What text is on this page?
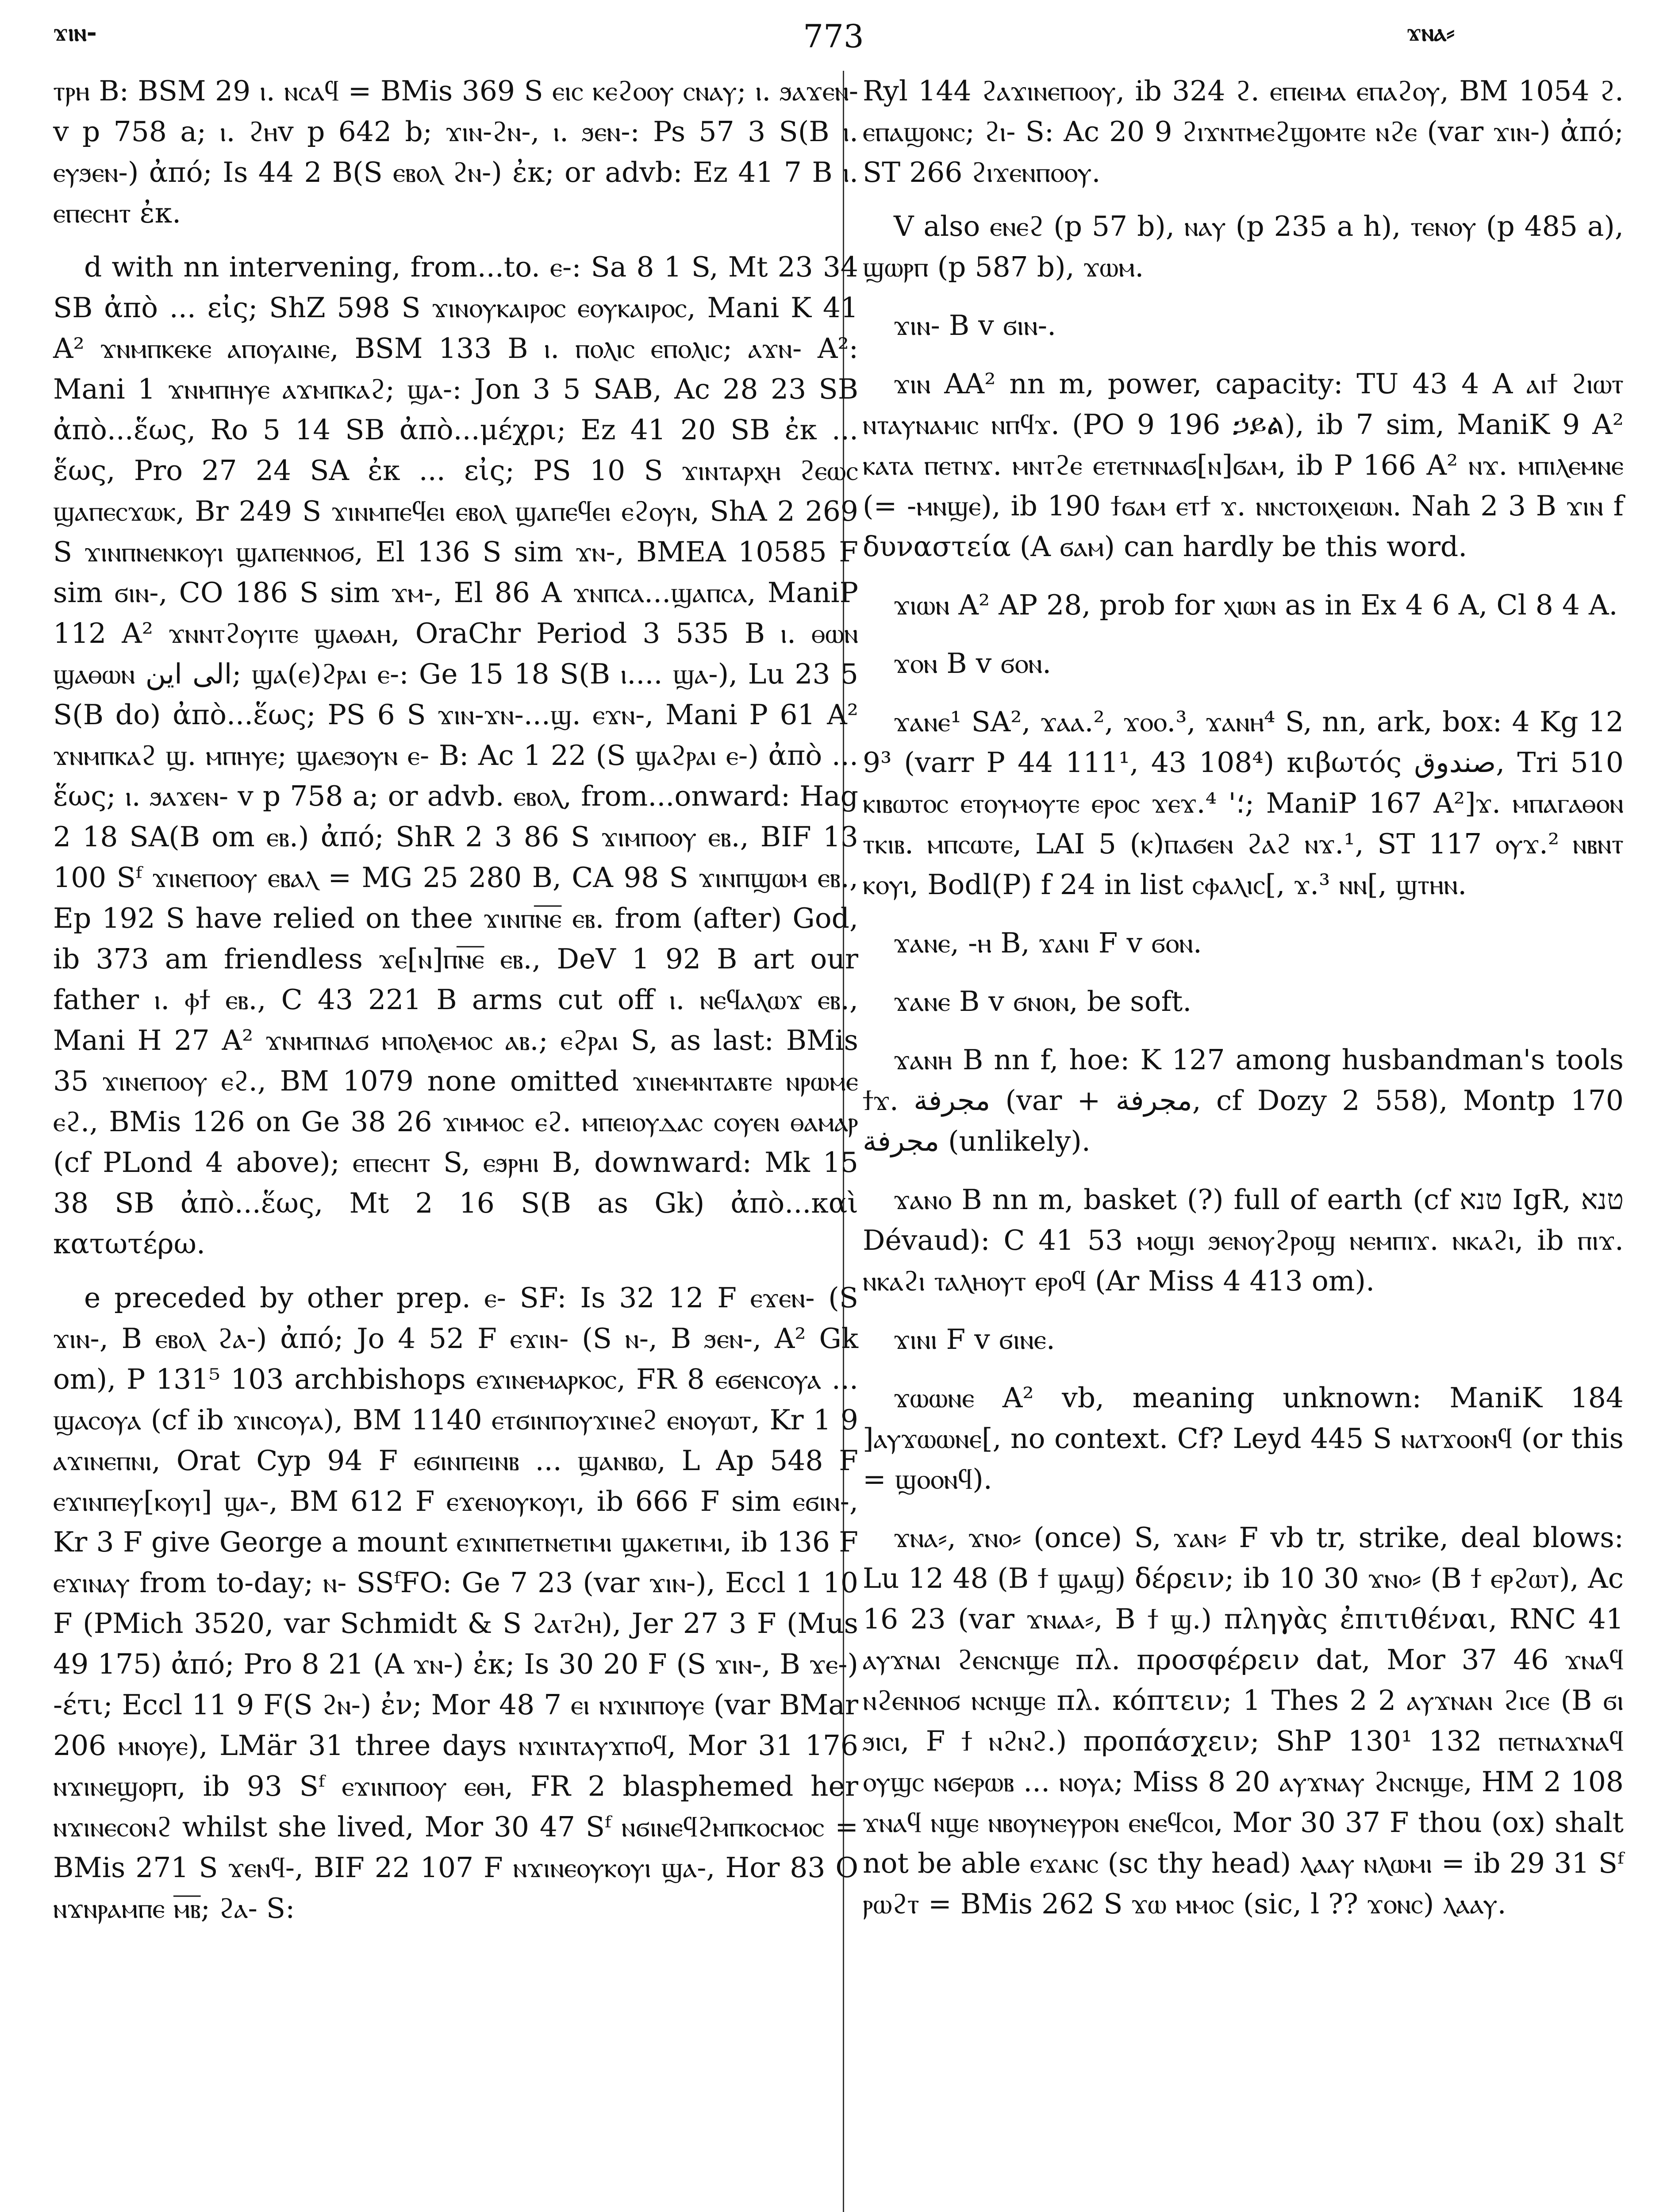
ϫⲓⲛ-	773	ϫⲛⲁ⸗

ⲧⲣⲏ B: BSM 29 ⲓ. ⲛⲥⲁϥ = BMis 369 S ⲉⲓⲥ ⲕⲉϩⲟⲟⲩ ⲥⲛⲁⲩ; ⲓ. ϧⲁϫⲉⲛ-v p 758 a; ⲓ. ϩⲏv p 642 b; ϫⲓⲛ-ϩⲛ-, ⲓ. ϧⲉⲛ-: Ps 57 3 S(B ⲓ. ⲉⲩϧⲉⲛ-) ἀπό; Is 44 2 B(S ⲉⲃⲟⲗ ϩⲛ-) ἐκ; or advb: Ez 41 7 B ⲓ. ⲉⲡⲉⲥⲏⲧ ἐκ.

d with nn intervening, from...to. ⲉ-: Sa 8 1 S, Mt 23 34 SB ἀπὸ ... εἰς; ShZ 598 S ϫⲓⲛⲟⲩⲕⲁⲓⲣⲟⲥ ⲉⲟⲩⲕⲁⲓⲣⲟⲥ, Mani K 41 A² ϫⲛⲙⲡⲕⲉⲕⲉ ⲁⲡⲟⲩⲁⲓⲛⲉ, BSM 133 B ⲓ. ⲡⲟⲗⲓⲥ ⲉⲡⲟⲗⲓⲥ; ⲁϫⲛ- A²: Mani 1 ϫⲛⲙⲡⲏⲩⲉ ⲁϫⲙⲡⲕⲁϩ; ϣⲁ-: Jon 3 5 SAB, Ac 28 23 SB ἀπὸ...ἕως, Ro 5 14 SB ἀπὸ...μέχρι; Ez 41 20 SB ἐκ ... ἕως, Pro 27 24 SA ἐκ ... εἰς; PS 10 S ϫⲓⲛⲧⲁⲣⲭⲏ ϩⲉⲱⲥ ϣⲁⲡⲉⲥϫⲱⲕ, Br 249 S ϫⲓⲛⲙⲡⲉϥⲉⲓ ⲉⲃⲟⲗ ϣⲁⲡⲉϥⲉⲓ ⲉϩⲟⲩⲛ, ShA 2 269 S ϫⲓⲛⲡⲛⲉⲛⲕⲟⲩⲓ ϣⲁⲡⲉⲛⲛⲟϭ, El 136 S sim ϫⲛ-, BMEA 10585 F sim ϭⲓⲛ-, CO 186 S sim ϫⲙ-, El 86 A ϫⲛⲡⲥⲁ...ϣⲁⲡⲥⲁ, ManiP 112 A² ϫⲛⲛⲧϩⲟⲩⲓⲧⲉ ϣⲁⲑⲁⲏ, OraChr Period 3 535 B ⲓ. ⲑⲱⲛ ϣⲁⲑⲱⲛ الى اين; ϣⲁ(ⲉ)ϩⲣⲁⲓ ⲉ-: Ge 15 18 S(B ⲓ.... ϣⲁ-), Lu 23 5 S(B do) ἀπὸ...ἕως; PS 6 S ϫⲓⲛ-ϫⲛ-...ϣ. ⲉϫⲛ-, Mani P 61 A² ϫⲛⲙⲡⲕⲁϩ ϣ. ⲙⲡⲏⲩⲉ; ϣⲁⲉϧⲟⲩⲛ ⲉ- B: Ac 1 22 (S ϣⲁϩⲣⲁⲓ ⲉ-) ἀπὸ ... ἕως; ⲓ. ϧⲁϫⲉⲛ- v p 758 a; or advb. ⲉⲃⲟⲗ, from...onward: Hag 2 18 SA(B om ⲉⲃ.) ἀπό; ShR 2 3 86 S ϫⲓⲙⲡⲟⲟⲩ ⲉⲃ., BIF 13 100 Sᶠ ϫⲓⲛⲉⲡⲟⲟⲩ ⲉⲃⲁⲗ = MG 25 280 B, CA 98 S ϫⲓⲛⲡϣⲱⲙ ⲉⲃ., Ep 192 S have relied on thee ϫⲓⲛⲡⲛ̅ⲉ̅ ⲉⲃ. from (after) God, ib 373 am friendless ϫⲉ[ⲛ]ⲡⲛ̅ⲉ̅ ⲉⲃ., DeV 1 92 B art our father ⲓ. ⲫϯ ⲉⲃ., C 43 221 B arms cut off ⲓ. ⲛⲉϥⲁⲗⲱϫ ⲉⲃ., Mani H 27 A² ϫⲛⲙⲡⲛⲁϭ ⲙⲡⲟⲗⲉⲙⲟⲥ ⲁⲃ.; ⲉϩⲣⲁⲓ S, as last: BMis 35 ϫⲓⲛⲉⲡⲟⲟⲩ ⲉϩ., BM 1079 none omitted ϫⲓⲛⲉⲙⲛⲧⲁⲃⲧⲉ ⲛⲣⲱⲙⲉ ⲉϩ., BMis 126 on Ge 38 26 ϫⲓⲙⲙⲟⲥ ⲉϩ. ⲙⲡⲉⲓⲟⲩⲇⲁⲥ ⲥⲟⲩⲉⲛ ⲑⲁⲙⲁⲣ (cf PLond 4 above); ⲉⲡⲉⲥⲏⲧ S, ⲉϧⲣⲏⲓ B, downward: Mk 15 38 SB ἀπὸ...ἕως, Mt 2 16 S(B as Gk) ἀπὸ...καὶ κατωτέρω.

e preceded by other prep. ⲉ- SF: Is 32 12 F ⲉϫⲉⲛ- (S ϫⲓⲛ-, B ⲉⲃⲟⲗ ϩⲁ-) ἀπό; Jo 4 52 F ⲉϫⲓⲛ- (S ⲛ-, B ϧⲉⲛ-, A² Gk om), P 131⁵ 103 archbishops ⲉϫⲓⲛⲉⲙⲁⲣⲕⲟⲥ, FR 8 ⲉϭⲉⲛⲥⲟⲩⲁ ... ϣⲁⲥⲟⲩⲁ (cf ib ϫⲓⲛⲥⲟⲩⲁ), BM 1140 ⲉⲧϭⲓⲛⲡⲟⲩϫⲓⲛⲉϩ ⲉⲛⲟⲩⲱⲧ, Kr 1 9 ⲁϫⲓⲛⲉⲡⲛⲓ, Orat Cyp 94 F ⲉϭⲓⲛⲡⲉⲓⲛⲃ ... ϣⲁⲛⲃⲱ, L Ap 548 F ⲉϫⲓⲛⲡⲉⲩ[ⲕⲟⲩⲓ] ϣⲁ-, BM 612 F ⲉϫⲉⲛⲟⲩⲕⲟⲩⲓ, ib 666 F sim ⲉϭⲓⲛ-, Kr 3 F give George a mount ⲉϫⲓⲛⲡⲉⲧⲛⲉⲧⲓⲙⲓ ϣⲁⲕⲉⲧⲓⲙⲓ, ib 136 F ⲉϫⲓⲛⲁⲩ from to-day; ⲛ- SSᶠFO: Ge 7 23 (var ϫⲓⲛ-), Eccl 1 10 F (PMich 3520, var Schmidt & S ϩⲁⲧϩⲏ), Jer 27 3 F (Mus 49 175) ἀπό; Pro 8 21 (A ϫⲛ-) ἐκ; Is 30 20 F (S ϫⲓⲛ-, B ϫⲉ-) -έτι; Eccl 11 9 F(S ϩⲛ-) ἐν; Mor 48 7 ⲉⲓ ⲛϫⲓⲛⲡⲟⲩⲉ (var BMar 206 ⲙⲛⲟⲩⲉ), LMär 31 three days ⲛϫⲓⲛⲧⲁⲩϫⲡⲟϥ, Mor 31 176 ⲛϫⲓⲛⲉϣⲟⲣⲡ, ib 93 Sᶠ ⲉϫⲓⲛⲡⲟⲟⲩ ⲉⲑⲏ, FR 2 blasphemed her ⲛϫⲓⲛⲉⲥⲟⲛϩ whilst she lived, Mor 30 47 Sᶠ ⲛϭⲓⲛⲉϥϩⲙⲡⲕⲟⲥⲙⲟⲥ = BMis 271 S ϫⲉⲛϥ-, BIF 22 107 F ⲛϫⲓⲛⲉⲟⲩⲕⲟⲩⲓ ϣⲁ-, Hor 83 O ⲛϫⲛⲣⲁⲙⲡⲉ ⲙ̅ⲃ̅; ϩⲁ- S:

Ryl 144 ϩⲁϫⲓⲛⲉⲡⲟⲟⲩ, ib 324 ϩ. ⲉⲡⲉⲓⲙⲁ ⲉⲡⲁϩⲟⲩ, BM 1054 ϩ. ⲉⲡⲁϣⲟⲛⲥ; ϩⲓ- S: Ac 20 9 ϩⲓϫⲛⲧⲙⲉϩϣⲟⲙⲧⲉ ⲛϩⲉ (var ϫⲓⲛ-) ἀπό; ST 266 ϩⲓϫⲉⲛⲡⲟⲟⲩ.

V also ⲉⲛⲉϩ (p 57 b), ⲛⲁⲩ (p 235 a h), ⲧⲉⲛⲟⲩ (p 485 a), ϣⲱⲣⲡ (p 587 b), ϫⲱⲙ.

ϫⲓⲛ- B v ϭⲓⲛ-.

ϫⲓⲛ AA² nn m, power, capacity: TU 43 4 A ⲁⲓϯ ϩⲓⲱⲧ ⲛⲧⲁⲩⲛⲁⲙⲓⲥ ⲛⲡϥϫ. (PO 9 196 ኃይል), ib 7 sim, ManiK 9 A² ⲕⲁⲧⲁ ⲡⲉⲧⲛϫ. ⲙⲛⲧϩⲉ ⲉⲧⲉⲧⲛⲛⲁϭ[ⲛ]ϭⲁⲙ, ib P 166 A² ⲛϫ. ⲙⲡⲓⲗⲉⲙⲛⲉ (= -ⲙⲛϣⲉ), ib 190 ϯϭⲁⲙ ⲉⲧϯ ϫ. ⲛⲛⲥⲧⲟⲓⲭⲉⲓⲱⲛ. Nah 2 3 B ϫⲓⲛ f δυναστεία (A ϭⲁⲙ) can hardly be this word.

ϫⲓⲱⲛ A² AP 28, prob for ⲭⲓⲱⲛ as in Ex 4 6 A, Cl 8 4 A.

ϫⲟⲛ B v ϭⲟⲛ.

ϫⲁⲛⲉ¹ SA², ϫⲁⲁ.², ϫⲟⲟ.³, ϫⲁⲛⲏ⁴ S, nn, ark, box: 4 Kg 12 9³ (varr P 44 111¹, 43 108⁴) κιβωτός صندوق, Tri 510 ⲕⲓⲃⲱⲧⲟⲥ ⲉⲧⲟⲩⲙⲟⲩⲧⲉ ⲉⲣⲟⲥ ϫⲉϫ.⁴ '؛; ManiP 167 A²]ϫ. ⲙⲡⲁⲅⲁⲑⲟⲛ ⲧⲕⲓⲃ. ⲙⲡⲥⲱⲧⲉ, LAI 5 (ⲕ)ⲡⲁϭⲉⲛ ϩⲁϩ ⲛϫ.¹, ST 117 ⲟⲩϫ.² ⲛⲃⲛⲧ ⲕⲟⲩⲓ, Bodl(P) f 24 in list ⲥⲫⲁⲗⲓⲥ[, ϫ.³ ⲛⲛ[, ϣⲧⲏⲛ.

ϫⲁⲛⲉ, -ⲏ B, ϫⲁⲛⲓ F v ϭⲟⲛ.

ϫⲁⲛⲉ B v ϭⲛⲟⲛ, be soft.

ϫⲁⲛⲏ B nn f, hoe: K 127 among husbandman's tools ϯϫ. مجرفة (var + مجرفة, cf Dozy 2 558), Montp 170 مجرفة (unlikely).

ϫⲁⲛⲟ B nn m, basket (?) full of earth (cf טנא IgR, טנא Dévaud): C 41 53 ⲙⲟϣⲓ ϧⲉⲛⲟⲩϩⲣⲟϣ ⲛⲉⲙⲡⲓϫ. ⲛⲕⲁϩⲓ, ib ⲡⲓϫ. ⲛⲕⲁϩⲓ ⲧⲁⲗⲏⲟⲩⲧ ⲉⲣⲟϥ (Ar Miss 4 413 om).

ϫⲓⲛⲓ F v ϭⲓⲛⲉ.

ϫⲱⲱⲛⲉ A² vb, meaning unknown: ManiK 184 ]ⲁⲩϫⲱⲱⲛⲉ[, no context. Cf? Leyd 445 S ⲛⲁⲧϫⲟⲟⲛϥ (or this = ϣⲟⲟⲛϥ).

ϫⲛⲁ⸗, ϫⲛⲟ⸗ (once) S, ϫⲁⲛ⸗ F vb tr, strike, deal blows: Lu 12 48 (B ϯ ϣⲁϣ) δέρειν; ib 10 30 ϫⲛⲟ⸗ (B ϯ ⲉⲣϩⲱⲧ), Ac 16 23 (var ϫⲛⲁⲁ⸗, B ϯ ϣ.) πληγὰς ἐπιτιθέναι, RNC 41 ⲁⲩϫⲛⲁⲓ ϩⲉⲛⲥⲛϣⲉ πλ. προσφέρειν dat, Mor 37 46 ϫⲛⲁϥ ⲛϩⲉⲛⲛⲟϭ ⲛⲥⲛϣⲉ πλ. κόπτειν; 1 Thes 2 2 ⲁⲩϫⲛⲁⲛ ϩⲓⲥⲉ (B ϭⲓ ϧⲓⲥⲓ, F ϯ ⲛϩⲛϩ.) προπάσχειν; ShP 130¹ 132 ⲡⲉⲧⲛⲁϫⲛⲁϥ ⲟⲩϣⲥ ⲛϭⲉⲣⲱⲃ ... ⲛⲟⲩⲁ; Miss 8 20 ⲁⲩϫⲛⲁⲩ ϩⲛⲥⲛϣⲉ, HM 2 108 ϫⲛⲁϥ ⲛϣⲉ ⲛⲃⲟⲩⲛⲉⲩⲣⲟⲛ ⲉⲛⲉϥⲥⲟⲓ, Mor 30 37 F thou (ox) shalt not be able ⲉϫⲁⲛⲥ (sc thy head) ⲗⲁⲁⲩ ⲛⲗⲱⲙⲓ = ib 29 31 Sᶠ ⲣⲱϩⲧ = BMis 262 S ϫⲱ ⲙⲙⲟⲥ (sic, l ?? ϫⲟⲛⲥ) ⲗⲁⲁⲩ.
